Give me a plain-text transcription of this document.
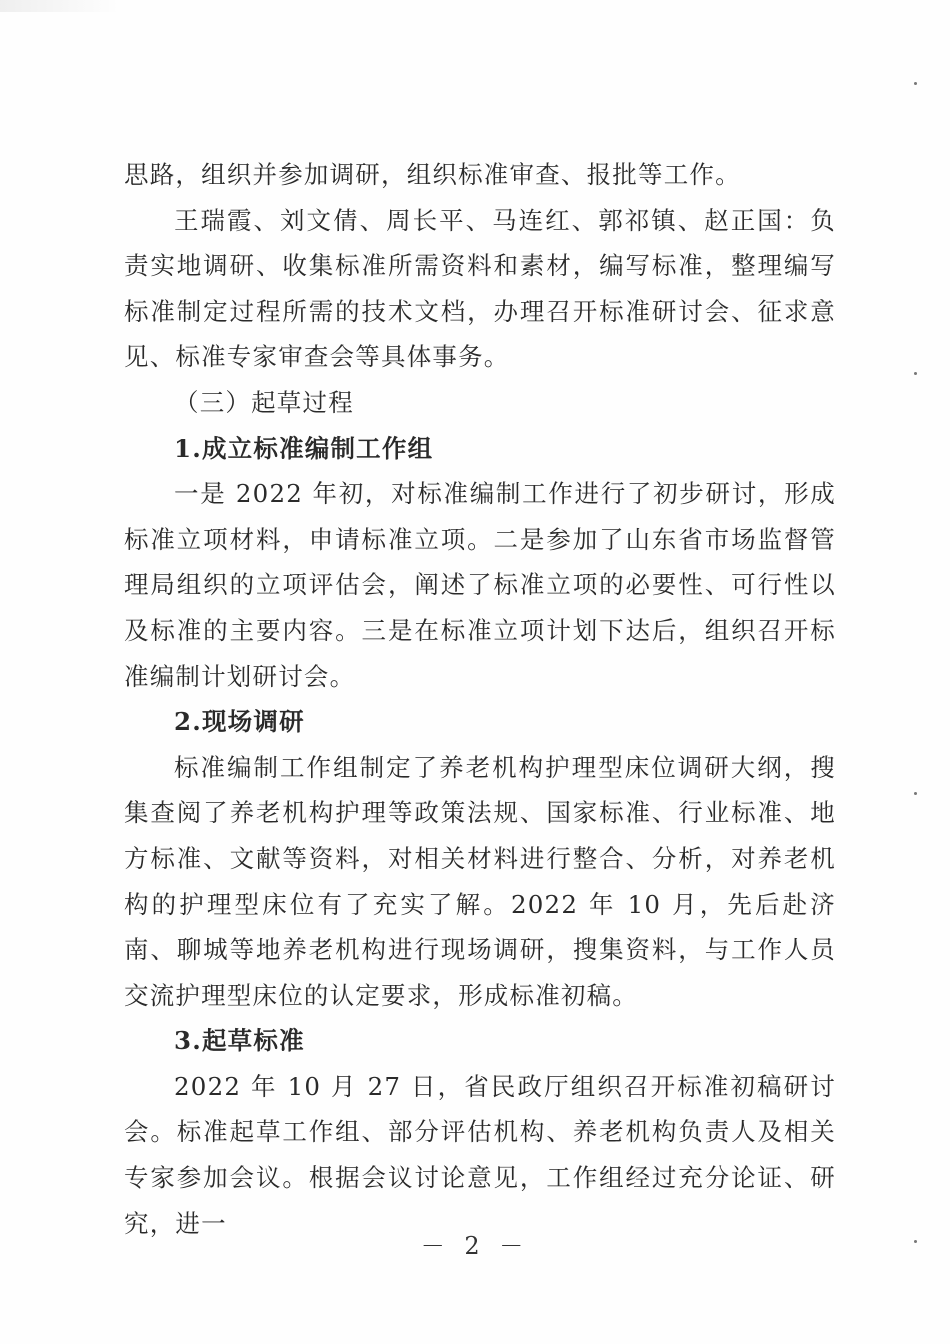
思路，组织并参加调研，组织标准审查、报批等工作。

王瑞霞、刘文倩、周长平、马连红、郭祁镇、赵正国：负责实地调研、收集标准所需资料和素材，编写标准，整理编写标准制定过程所需的技术文档，办理召开标准研讨会、征求意见、标准专家审查会等具体事务。

（三）起草过程

1.成立标准编制工作组

一是 2022 年初，对标准编制工作进行了初步研讨，形成标准立项材料，申请标准立项。二是参加了山东省市场监督管理局组织的立项评估会，阐述了标准立项的必要性、可行性以及标准的主要内容。三是在标准立项计划下达后，组织召开标准编制计划研讨会。

2.现场调研

标准编制工作组制定了养老机构护理型床位调研大纲，搜集查阅了养老机构护理等政策法规、国家标准、行业标准、地方标准、文献等资料，对相关材料进行整合、分析，对养老机构的护理型床位有了充实了解。2022 年 10 月，先后赴济南、聊城等地养老机构进行现场调研，搜集资料，与工作人员交流护理型床位的认定要求，形成标准初稿。

3.起草标准

2022 年 10 月 27 日，省民政厅组织召开标准初稿研讨会。标准起草工作组、部分评估机构、养老机构负责人及相关专家参加会议。根据会议讨论意见，工作组经过充分论证、研究，进一

－ 2 －
